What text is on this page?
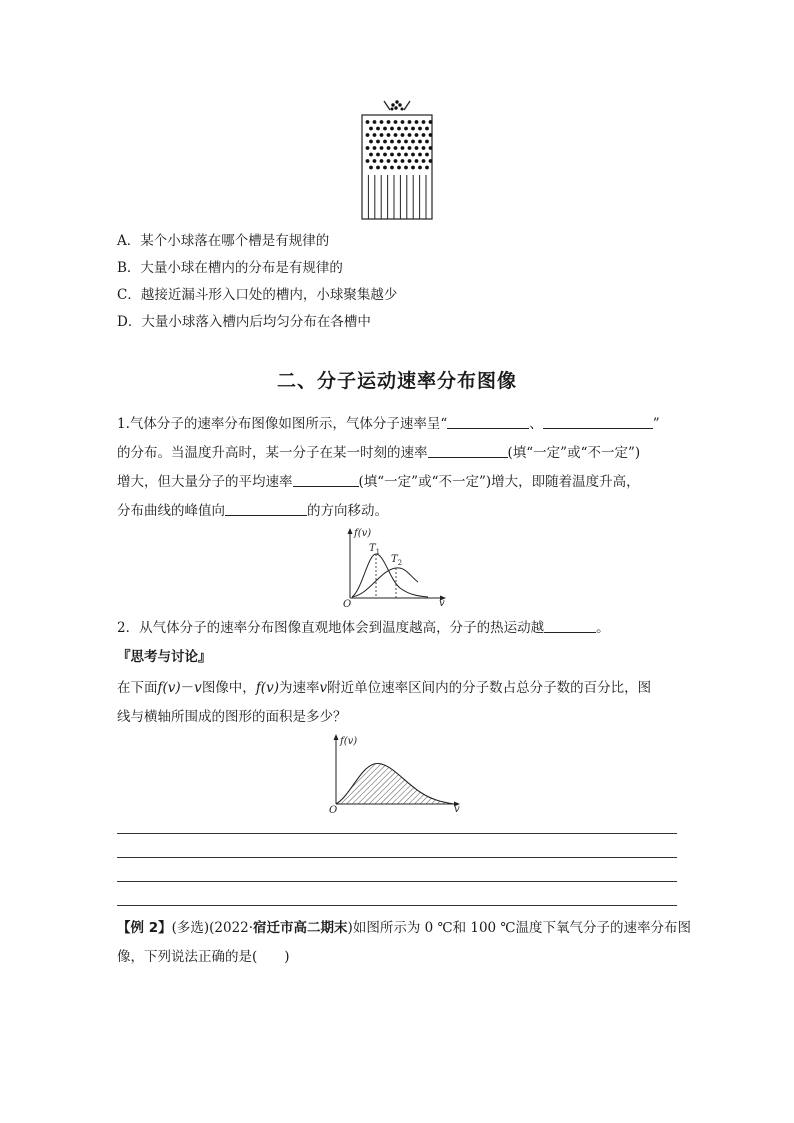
A．某个小球落在哪个槽是有规律的
B．大量小球在槽内的分布是有规律的
C．越接近漏斗形入口处的槽内，小球聚集越少
D．大量小球落入槽内后均匀分布在各槽中
二、分子运动速率分布图像
1.气体分子的速率分布图像如图所示，气体分子速率呈“	、	”
的分布。当温度升高时，某一分子在某一时刻的速率	(填“一定”或“不一定”)
增大，但大量分子的平均速率	(填“一定”或“不一定”)增大，即随着温度升高，
分布曲线的峰值向	的方向移动。
f(v)
$T_1$
$T_2$
O	v
2．从气体分子的速率分布图像直观地体会到温度越高，分子的热运动越	。
『思考与讨论』
在下面f(v)－v图像中，f(v)为速率v附近单位速率区间内的分子数占总分子数的百分比，图
线与横轴所围成的图形的面积是多少？
f(v)
O	v
【例 2】(多选)(2022·宿迁市高二期末)如图所示为 0 ℃和 100 ℃温度下氧气分子的速率分布图
像，下列说法正确的是(　　)
